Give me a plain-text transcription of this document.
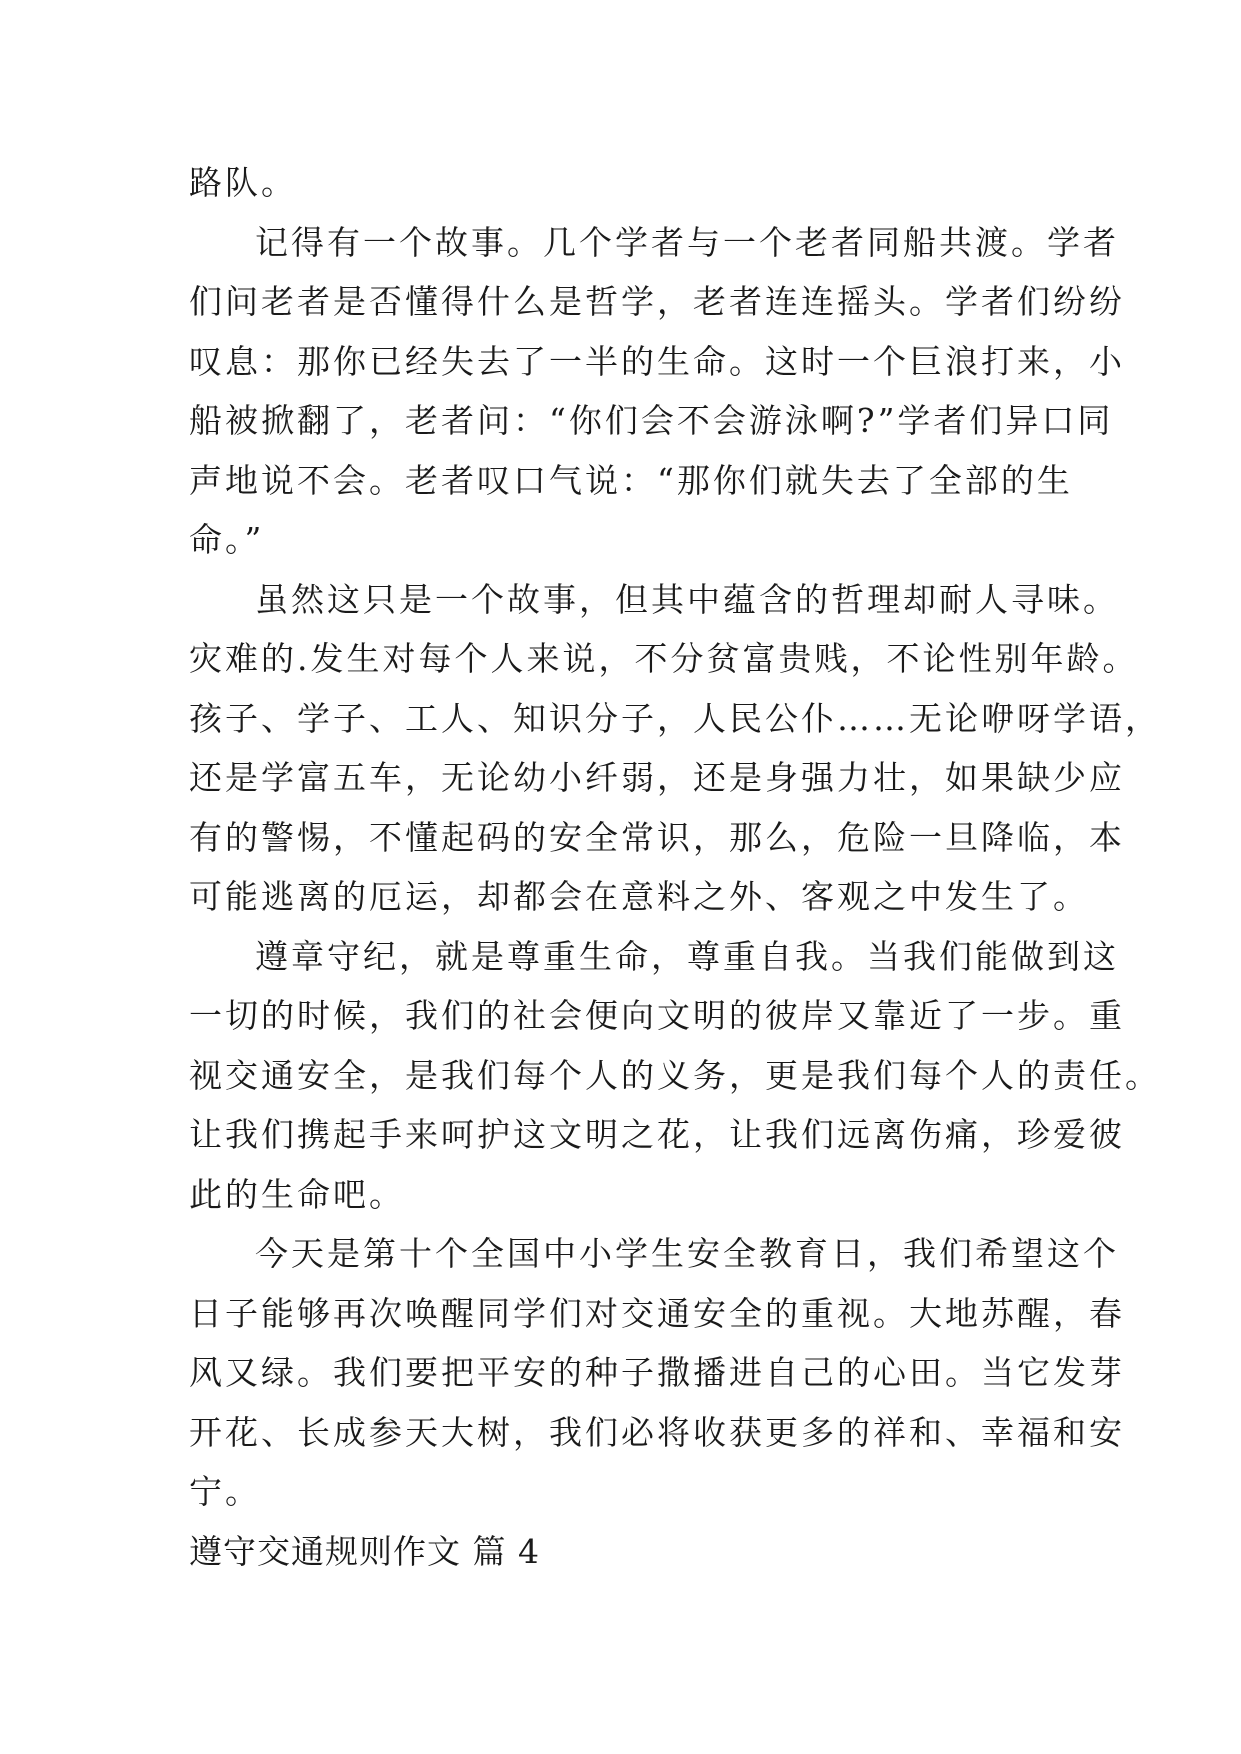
路队。
记得有一个故事。几个学者与一个老者同船共渡。学者
们问老者是否懂得什么是哲学，老者连连摇头。学者们纷纷
叹息：那你已经失去了一半的生命。这时一个巨浪打来，小
船被掀翻了，老者问：“你们会不会游泳啊?”学者们异口同
声地说不会。老者叹口气说：“那你们就失去了全部的生
命。”
虽然这只是一个故事，但其中蕴含的哲理却耐人寻味。
灾难的.发生对每个人来说，不分贫富贵贱，不论性别年龄。
孩子、学子、工人、知识分子，人民公仆……无论咿呀学语，
还是学富五车，无论幼小纤弱，还是身强力壮，如果缺少应
有的警惕，不懂起码的安全常识，那么，危险一旦降临，本
可能逃离的厄运，却都会在意料之外、客观之中发生了。
遵章守纪，就是尊重生命，尊重自我。当我们能做到这
一切的时候，我们的社会便向文明的彼岸又靠近了一步。重
视交通安全，是我们每个人的义务，更是我们每个人的责任。
让我们携起手来呵护这文明之花，让我们远离伤痛，珍爱彼
此的生命吧。
今天是第十个全国中小学生安全教育日，我们希望这个
日子能够再次唤醒同学们对交通安全的重视。大地苏醒，春
风又绿。我们要把平安的种子撒播进自己的心田。当它发芽
开花、长成参天大树，我们必将收获更多的祥和、幸福和安
宁。
遵守交通规则作文 篇 4
